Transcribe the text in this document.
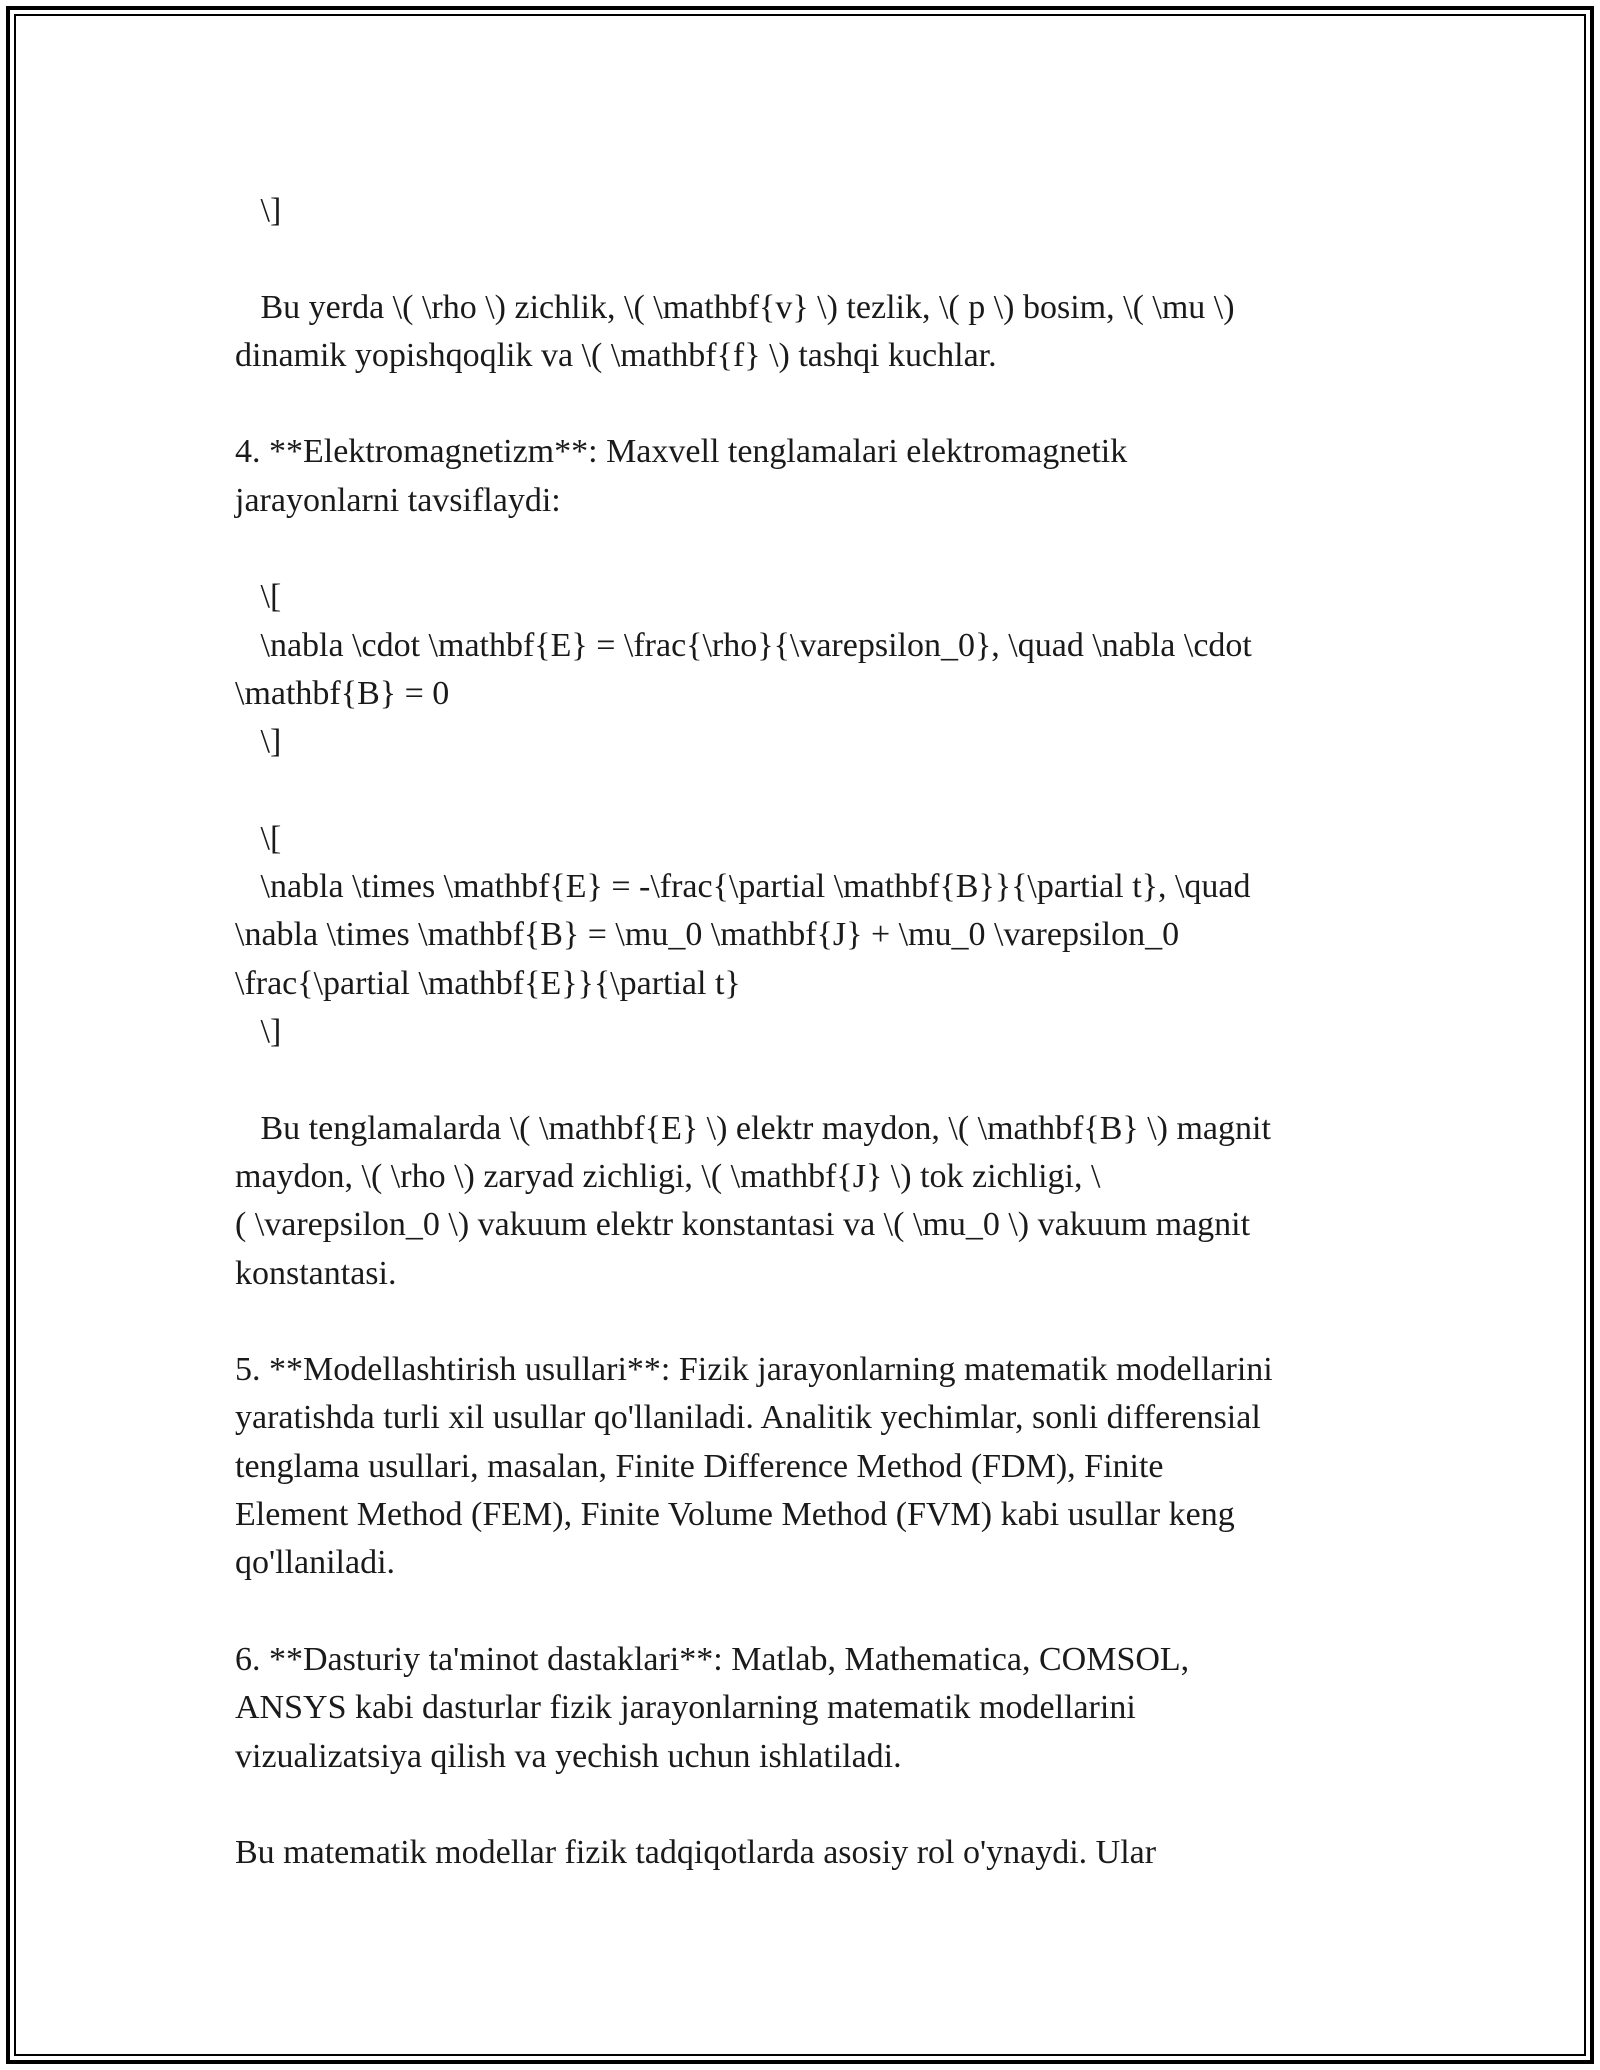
\]
Bu yerda \( \rho \) zichlik, \( \mathbf{v} \) tezlik, \( p \) bosim, \( \mu \)
dinamik yopishqoqlik va \( \mathbf{f} \) tashqi kuchlar.
4. **Elektromagnetizm**: Maxvell tenglamalari elektromagnetik
jarayonlarni tavsiflaydi:
\[
\nabla \cdot \mathbf{E} = \frac{\rho}{\varepsilon_0}, \quad \nabla \cdot
\mathbf{B} = 0
\]
\[
\nabla \times \mathbf{E} = -\frac{\partial \mathbf{B}}{\partial t}, \quad
\nabla \times \mathbf{B} = \mu_0 \mathbf{J} + \mu_0 \varepsilon_0
\frac{\partial \mathbf{E}}{\partial t}
\]
Bu tenglamalarda \( \mathbf{E} \) elektr maydon, \( \mathbf{B} \) magnit
maydon, \( \rho \) zaryad zichligi, \( \mathbf{J} \) tok zichligi, \
( \varepsilon_0 \) vakuum elektr konstantasi va \( \mu_0 \) vakuum magnit
konstantasi.
5. **Modellashtirish usullari**: Fizik jarayonlarning matematik modellarini
yaratishda turli xil usullar qo'llaniladi. Analitik yechimlar, sonli differensial
tenglama usullari, masalan, Finite Difference Method (FDM), Finite
Element Method (FEM), Finite Volume Method (FVM) kabi usullar keng
qo'llaniladi.
6. **Dasturiy ta'minot dastaklari**: Matlab, Mathematica, COMSOL,
ANSYS kabi dasturlar fizik jarayonlarning matematik modellarini
vizualizatsiya qilish va yechish uchun ishlatiladi.
Bu matematik modellar fizik tadqiqotlarda asosiy rol o'ynaydi. Ular
